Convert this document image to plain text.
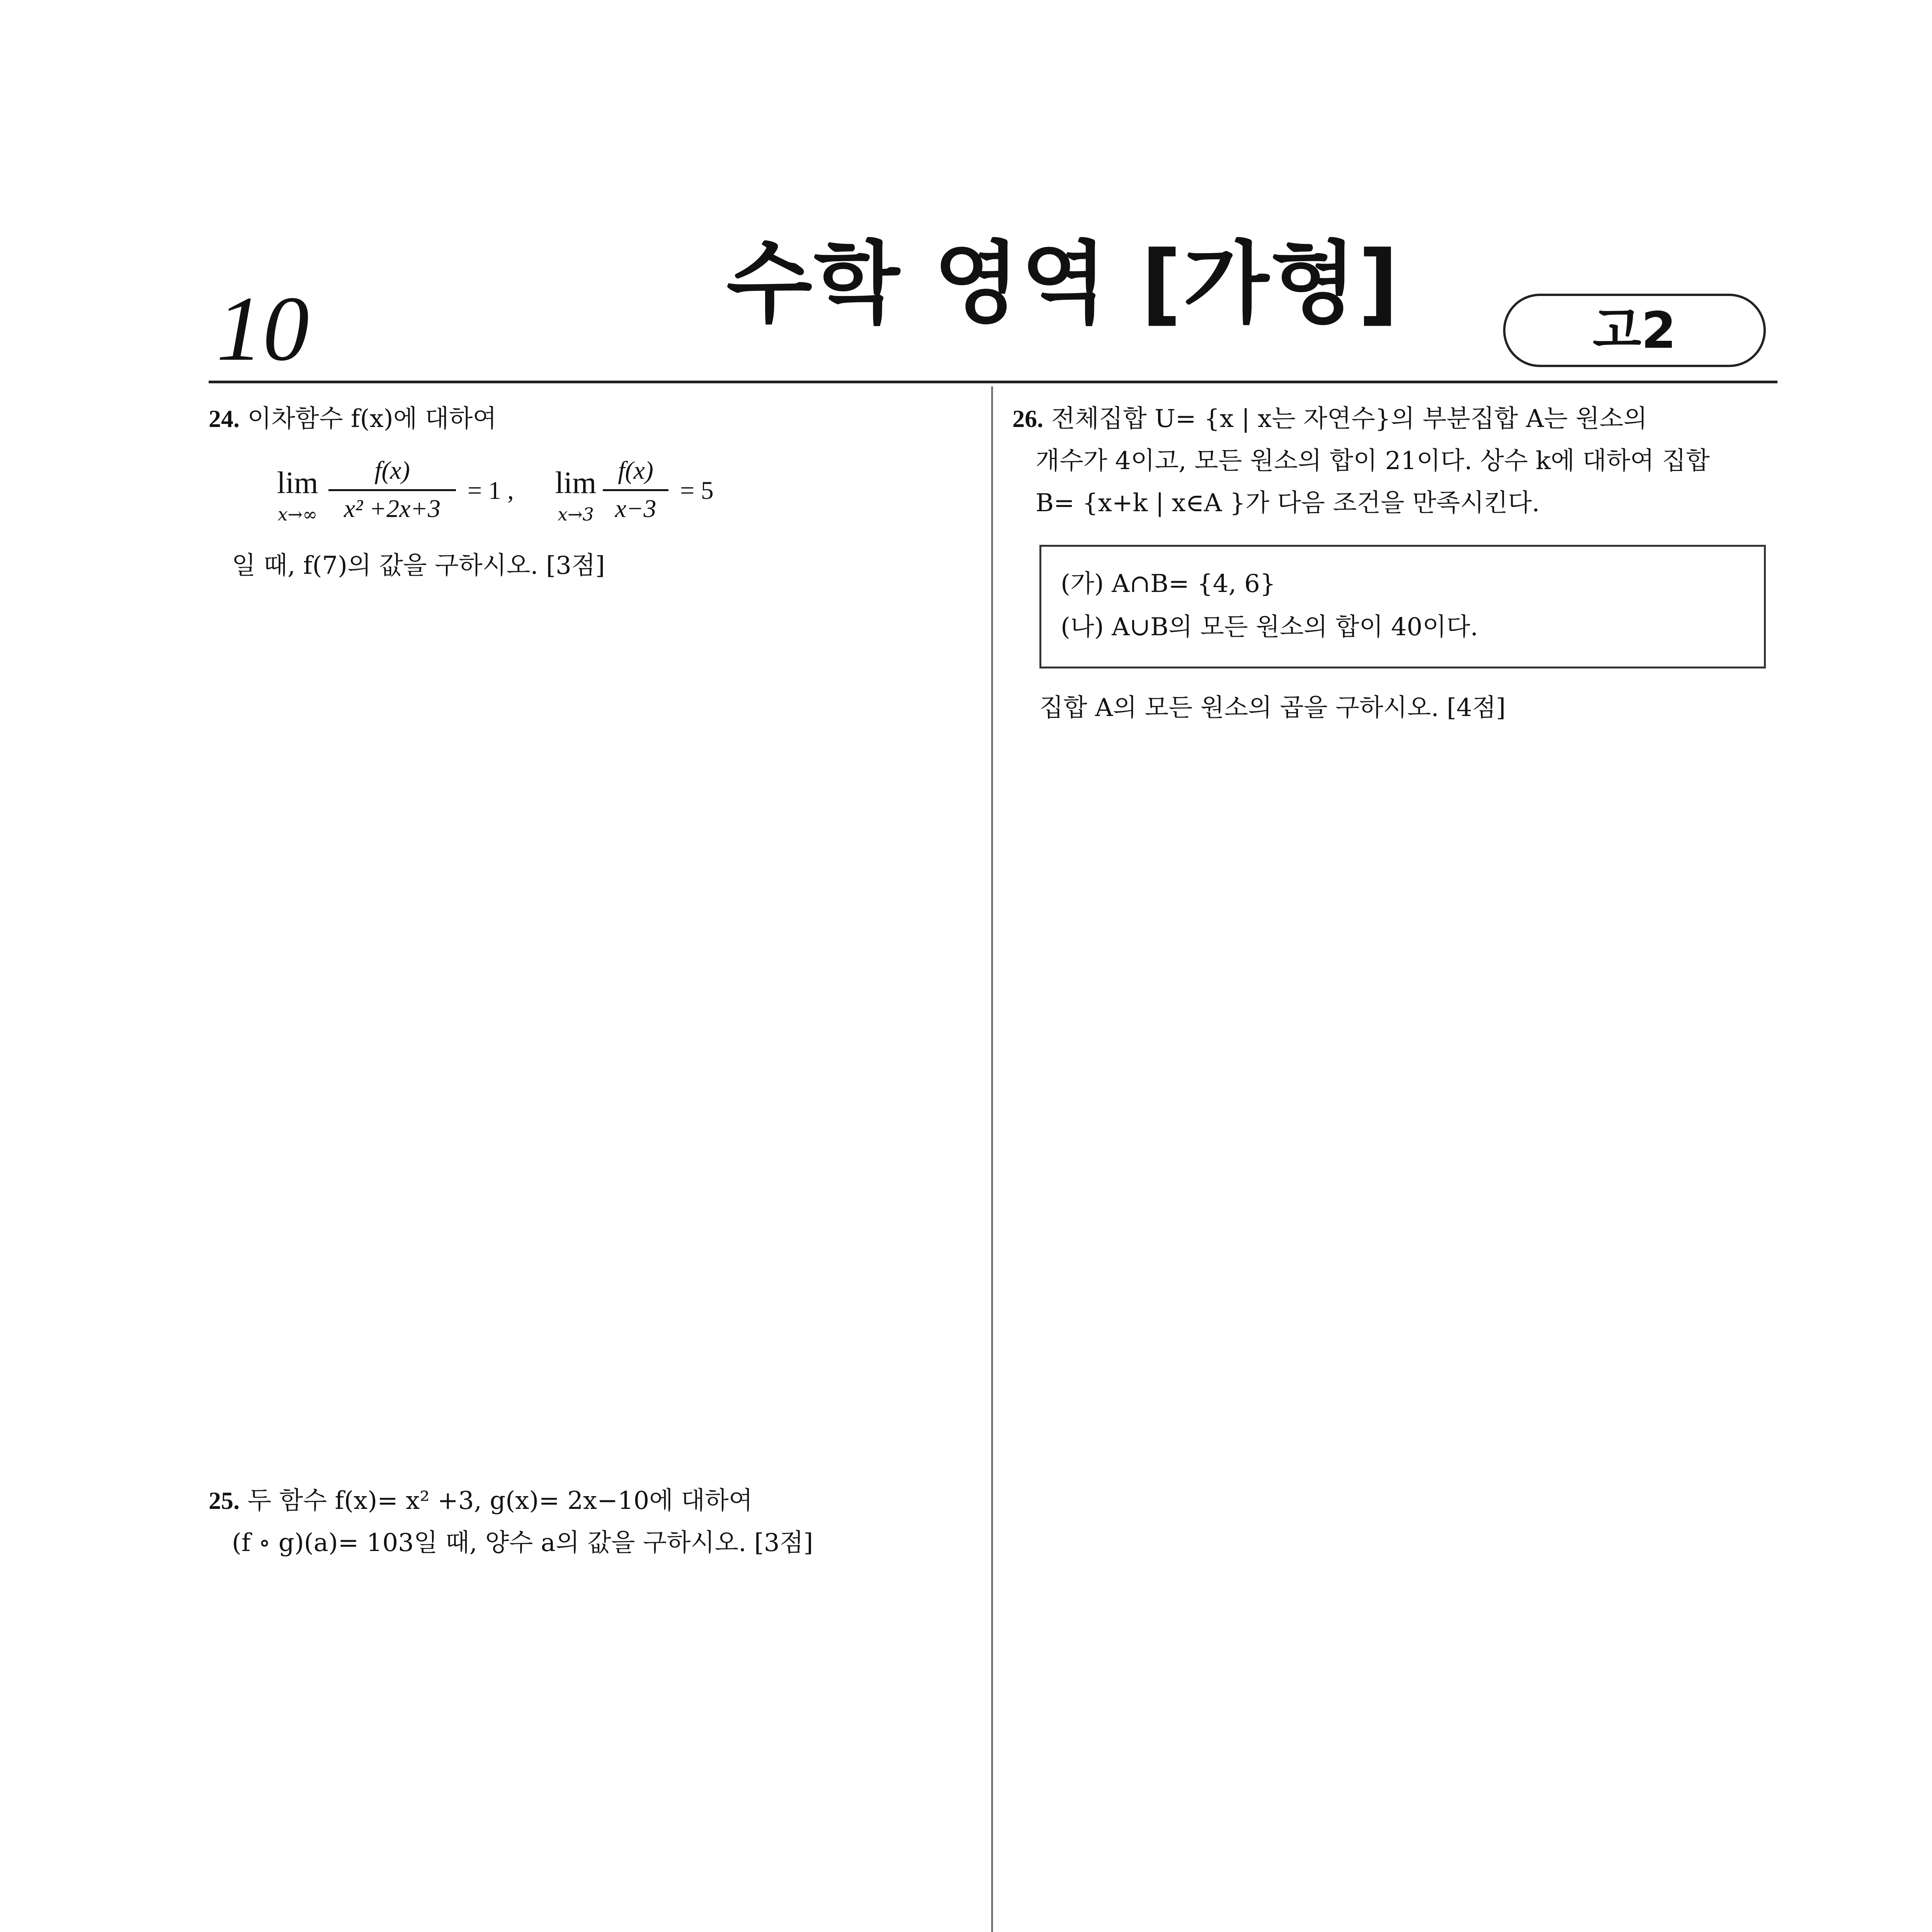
10	수학 영역 [가형]	고2
24. 이차함수 f(x)에 대하여
lim
x→∞
f(x)
x² +2x+3
= 1 , lim
x→3
f(x)
x−3
= 5
일 때, f(7)의 값을 구하시오. [3점]
25. 두 함수 f(x)= x² +3, g(x)= 2x−10에 대하여
(f ∘ g)(a)= 103일 때, 양수 a의 값을 구하시오. [3점]
26. 전체집합 U= {x | x는 자연수}의 부분집합 A는 원소의
개수가 4이고, 모든 원소의 합이 21이다. 상수 k에 대하여 집합
B= {x+k | x∈A }가 다음 조건을 만족시킨다.
(가) A∩B= {4, 6}
(나) A∪B의 모든 원소의 합이 40이다.
집합 A의 모든 원소의 곱을 구하시오. [4점]
